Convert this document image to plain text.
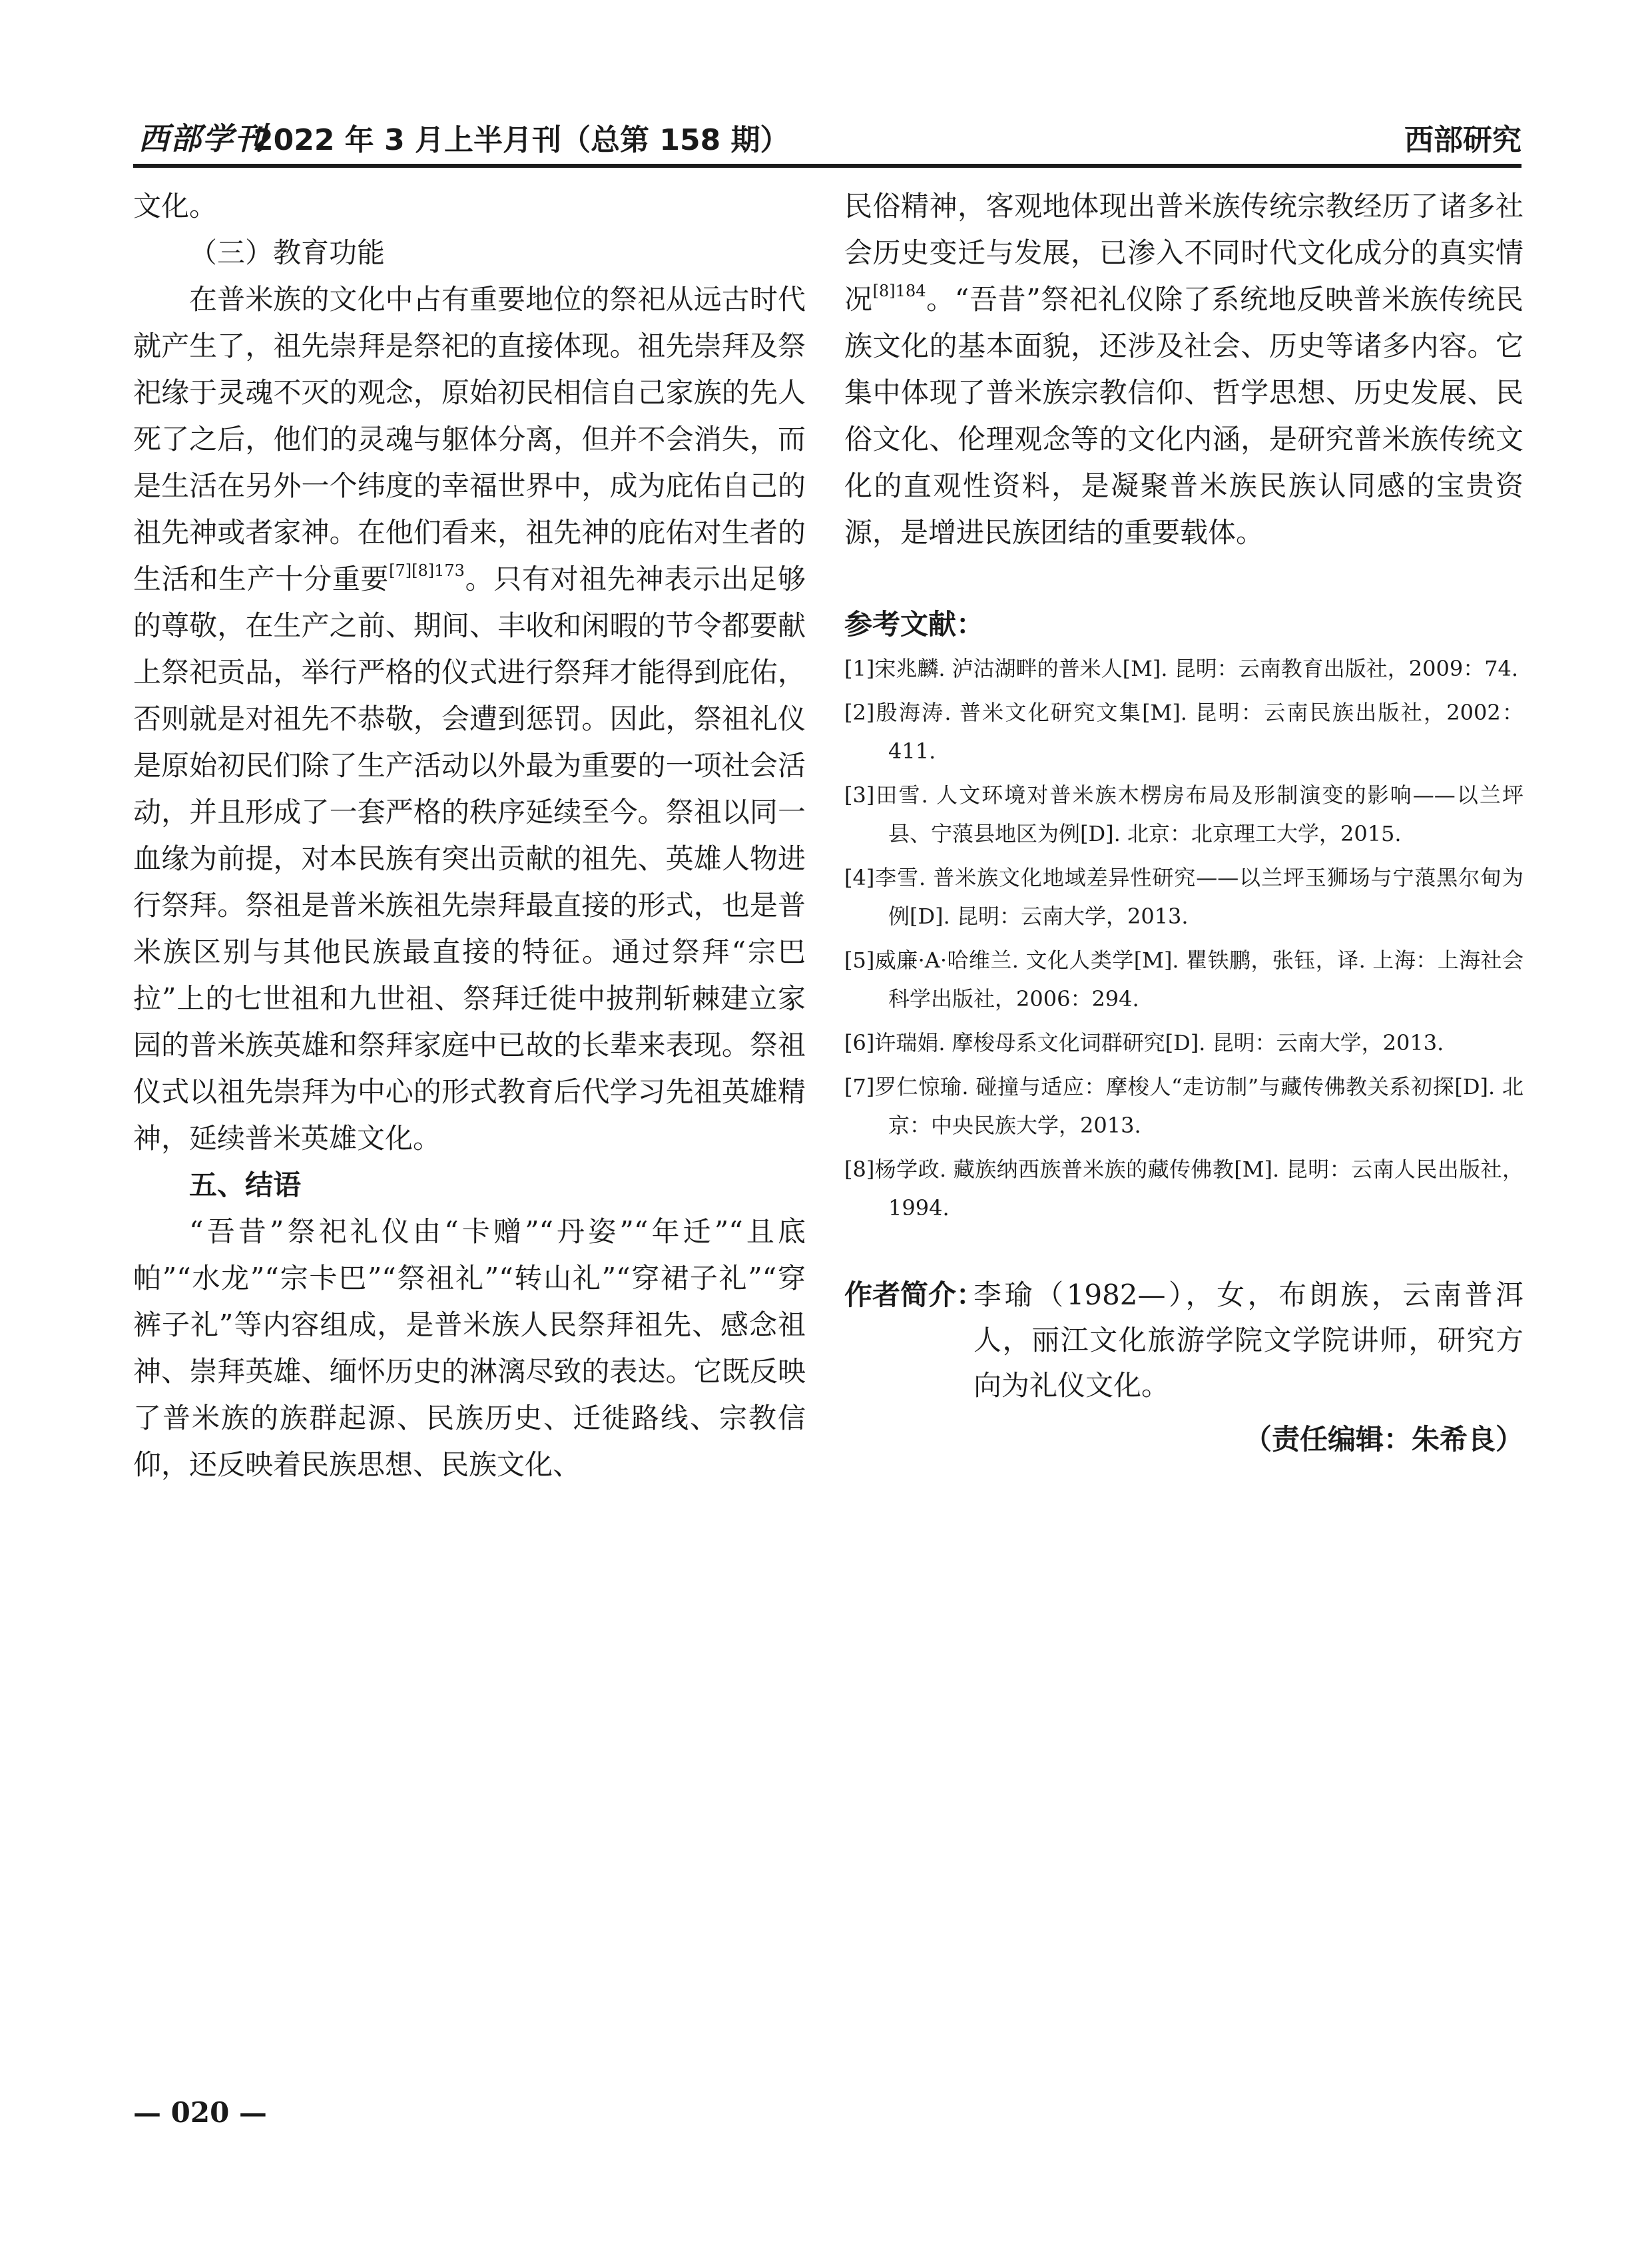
西部学刊
2022 年 3 月上半月刊（总第 158 期）	西部研究

文化。

（三）教育功能

在普米族的文化中占有重要地位的祭祀从远古时代就产生了，祖先崇拜是祭祀的直接体现。祖先崇拜及祭祀缘于灵魂不灭的观念，原始初民相信自己家族的先人死了之后，他们的灵魂与躯体分离，但并不会消失，而是生活在另外一个纬度的幸福世界中，成为庇佑自己的祖先神或者家神。在他们看来，祖先神的庇佑对生者的生活和生产十分重要$^{[7][8]173}$。只有对祖先神表示出足够的尊敬，在生产之前、期间、丰收和闲暇的节令都要献上祭祀贡品，举行严格的仪式进行祭拜才能得到庇佑，否则就是对祖先不恭敬，会遭到惩罚。因此，祭祖礼仪是原始初民们除了生产活动以外最为重要的一项社会活动，并且形成了一套严格的秩序延续至今。祭祖以同一血缘为前提，对本民族有突出贡献的祖先、英雄人物进行祭拜。祭祖是普米族祖先崇拜最直接的形式，也是普米族区别与其他民族最直接的特征。通过祭拜“宗巴拉”上的七世祖和九世祖、祭拜迁徙中披荆斩棘建立家园的普米族英雄和祭拜家庭中已故的长辈来表现。祭祖仪式以祖先崇拜为中心的形式教育后代学习先祖英雄精神，延续普米英雄文化。

五、结语

“吾昔”祭祀礼仪由“卡赠”“丹姿”“年迁”“且底帕”“水龙”“宗卡巴”“祭祖礼”“转山礼”“穿裙子礼”“穿裤子礼”等内容组成，是普米族人民祭拜祖先、感念祖神、崇拜英雄、缅怀历史的淋漓尽致的表达。它既反映了普米族的族群起源、民族历史、迁徙路线、宗教信仰，还反映着民族思想、民族文化、

民俗精神，客观地体现出普米族传统宗教经历了诸多社会历史变迁与发展，已渗入不同时代文化成分的真实情况$^{[8]184}$。“吾昔”祭祀礼仪除了系统地反映普米族传统民族文化的基本面貌，还涉及社会、历史等诸多内容。它集中体现了普米族宗教信仰、哲学思想、历史发展、民俗文化、伦理观念等的文化内涵，是研究普米族传统文化的直观性资料，是凝聚普米族民族认同感的宝贵资源，是增进民族团结的重要载体。

参考文献：

[1]宋兆麟. 泸沽湖畔的普米人[M]. 昆明：云南教育出版社，2009：74.
[2]殷海涛. 普米文化研究文集[M]. 昆明：云南民族出版社，2002：411.
[3]田雪. 人文环境对普米族木楞房布局及形制演变的影响——以兰坪县、宁蒗县地区为例[D]. 北京：北京理工大学，2015.
[4]李雪. 普米族文化地域差异性研究——以兰坪玉狮场与宁蒗黑尔甸为例[D]. 昆明：云南大学，2013.
[5]威廉·A·哈维兰. 文化人类学[M]. 瞿铁鹏，张钰，译. 上海：上海社会科学出版社，2006：294.
[6]许瑞娟. 摩梭母系文化词群研究[D]. 昆明：云南大学，2013.
[7]罗仁惊瑜. 碰撞与适应：摩梭人“走访制”与藏传佛教关系初探[D]. 北京：中央民族大学，2013.
[8]杨学政. 藏族纳西族普米族的藏传佛教[M]. 昆明：云南人民出版社，1994.
作者简介：
李瑜（1982—），女，布朗族，云南普洱人，丽江文化旅游学院文学院讲师，研究方向为礼仪文化。
（责任编辑：朱希良）
— 020 —
